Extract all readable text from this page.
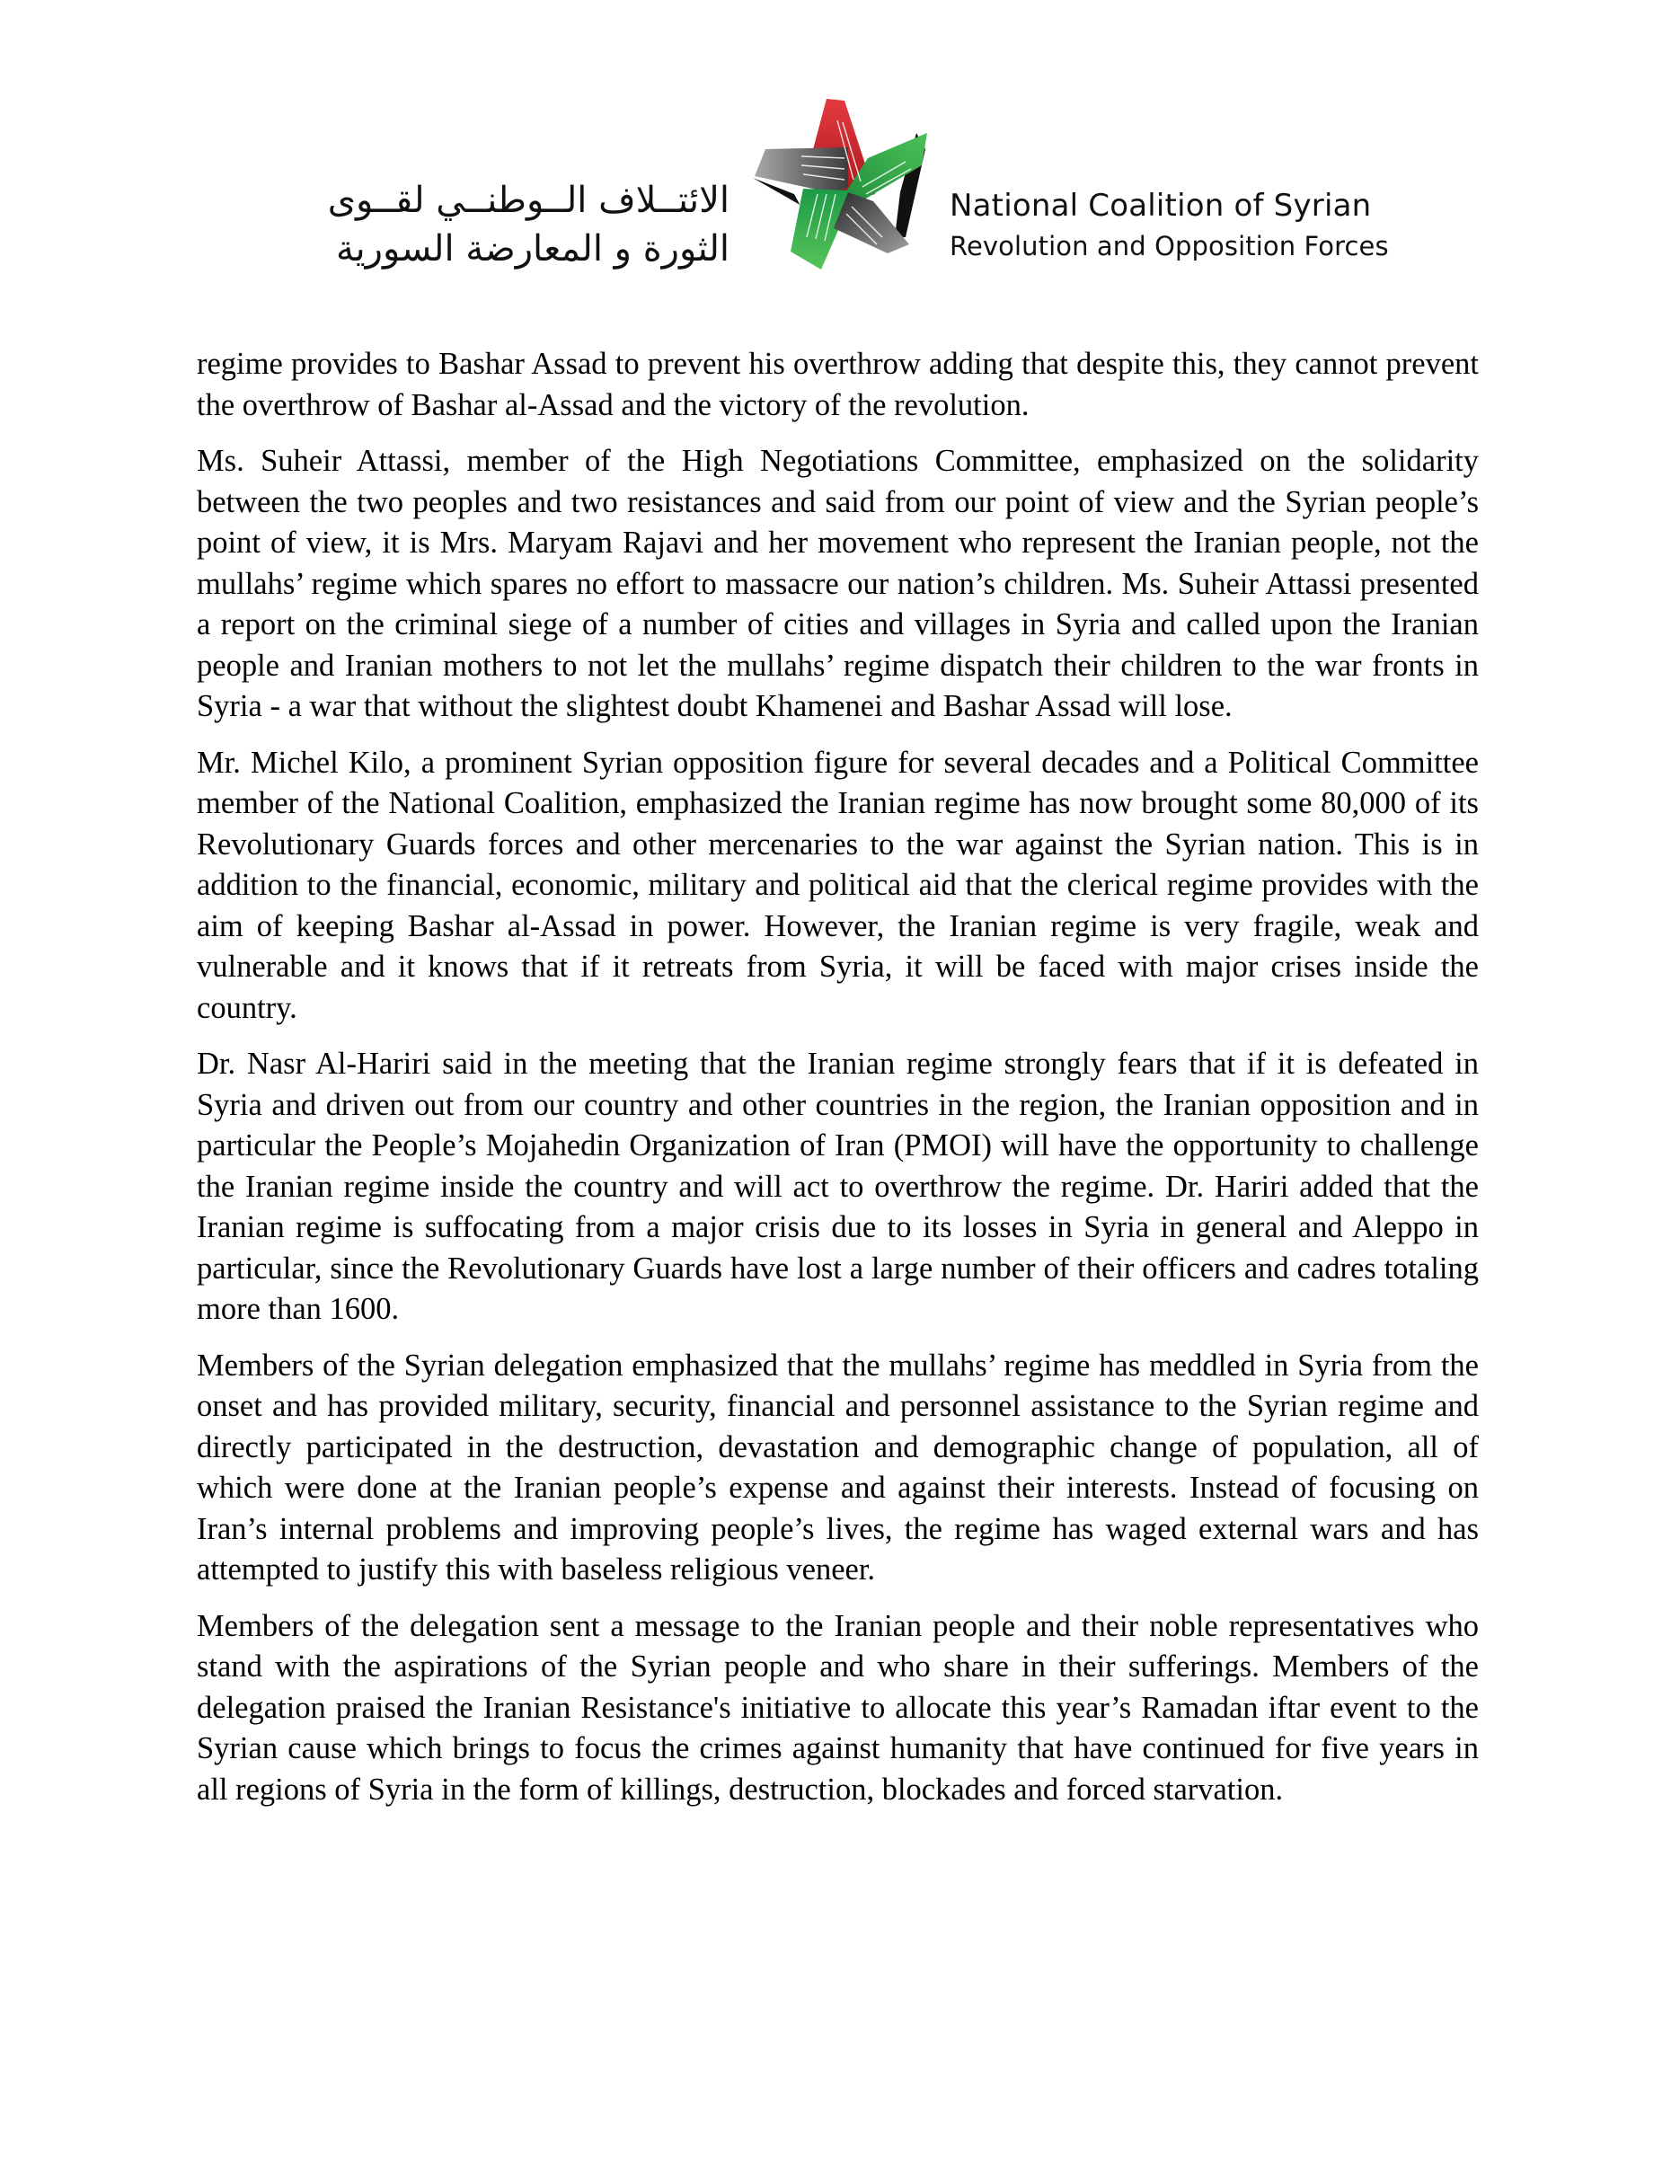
الائتــلاف الــوطنــي لقــوى
الثورة و المعارضة السورية
National Coalition of Syrian
Revolution and Opposition Forces

regime provides to Bashar Assad to prevent his overthrow adding that despite this, they cannot prevent the overthrow of Bashar al-Assad and the victory of the revolution.

Ms. Suheir Attassi, member of the High Negotiations Committee, emphasized on the solidarity between the two peoples and two resistances and said from our point of view and the Syrian people’s point of view, it is Mrs. Maryam Rajavi and her movement who represent the Iranian people, not the mullahs’ regime which spares no effort to massacre our nation’s children. Ms. Suheir Attassi presented a report on the criminal siege of a number of cities and villages in Syria and called upon the Iranian people and Iranian mothers to not let the mullahs’ regime dispatch their children to the war fronts in Syria - a war that without the slightest doubt Khamenei and Bashar Assad will lose.

Mr. Michel Kilo, a prominent Syrian opposition figure for several decades and a Political Committee member of the National Coalition, emphasized the Iranian regime has now brought some 80,000 of its Revolutionary Guards forces and other mercenaries to the war against the Syrian nation. This is in addition to the financial, economic, military and political aid that the clerical regime provides with the aim of keeping Bashar al-Assad in power. However, the Iranian regime is very fragile, weak and vulnerable and it knows that if it retreats from Syria, it will be faced with major crises inside the country.

Dr. Nasr Al-Hariri said in the meeting that the Iranian regime strongly fears that if it is defeated in Syria and driven out from our country and other countries in the region, the Iranian opposition and in particular the People’s Mojahedin Organization of Iran (PMOI) will have the opportunity to challenge the Iranian regime inside the country and will act to overthrow the regime. Dr. Hariri added that the Iranian regime is suffocating from a major crisis due to its losses in Syria in general and Aleppo in particular, since the Revolutionary Guards have lost a large number of their officers and cadres totaling more than 1600.

Members of the Syrian delegation emphasized that the mullahs’ regime has meddled in Syria from the onset and has provided military, security, financial and personnel assistance to the Syrian regime and directly participated in the destruction, devastation and demographic change of population, all of which were done at the Iranian people’s expense and against their interests. Instead of focusing on Iran’s internal problems and improving people’s lives, the regime has waged external wars and has attempted to justify this with baseless religious veneer.

Members of the delegation sent a message to the Iranian people and their noble representatives who stand with the aspirations of the Syrian people and who share in their sufferings. Members of the delegation praised the Iranian Resistance's initiative to allocate this year’s Ramadan iftar event to the Syrian cause which brings to focus the crimes against humanity that have continued for five years in all regions of Syria in the form of killings, destruction, blockades and forced starvation.
